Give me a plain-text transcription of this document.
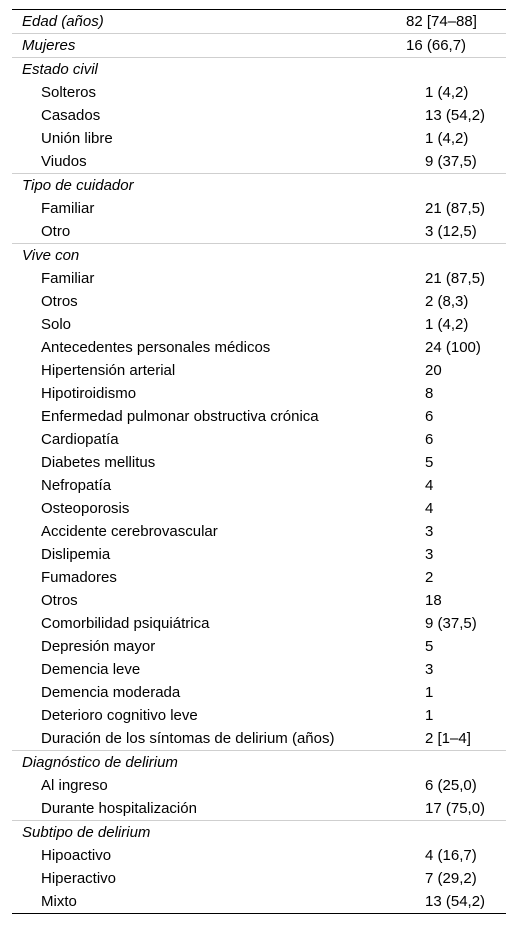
Edad (años)	82 [74–88]
Mujeres	16 (66,7)
Estado civil
Solteros	1 (4,2)
Casados	13 (54,2)
Unión libre	1 (4,2)
Viudos	9 (37,5)
Tipo de cuidador
Familiar	21 (87,5)
Otro	3 (12,5)
Vive con
Familiar	21 (87,5)
Otros	2 (8,3)
Solo	1 (4,2)
Antecedentes personales médicos	24 (100)
Hipertensión arterial	20
Hipotiroidismo	8
Enfermedad pulmonar obstructiva crónica	6
Cardiopatía	6
Diabetes mellitus	5
Nefropatía	4
Osteoporosis	4
Accidente cerebrovascular	3
Dislipemia	3
Fumadores	2
Otros	18
Comorbilidad psiquiátrica	9 (37,5)
Depresión mayor	5
Demencia leve	3
Demencia moderada	1
Deterioro cognitivo leve	1
Duración de los síntomas de delirium (años)	2 [1–4]
Diagnóstico de delirium
Al ingreso	6 (25,0)
Durante hospitalización	17 (75,0)
Subtipo de delirium
Hipoactivo	4 (16,7)
Hiperactivo	7 (29,2)
Mixto	13 (54,2)
